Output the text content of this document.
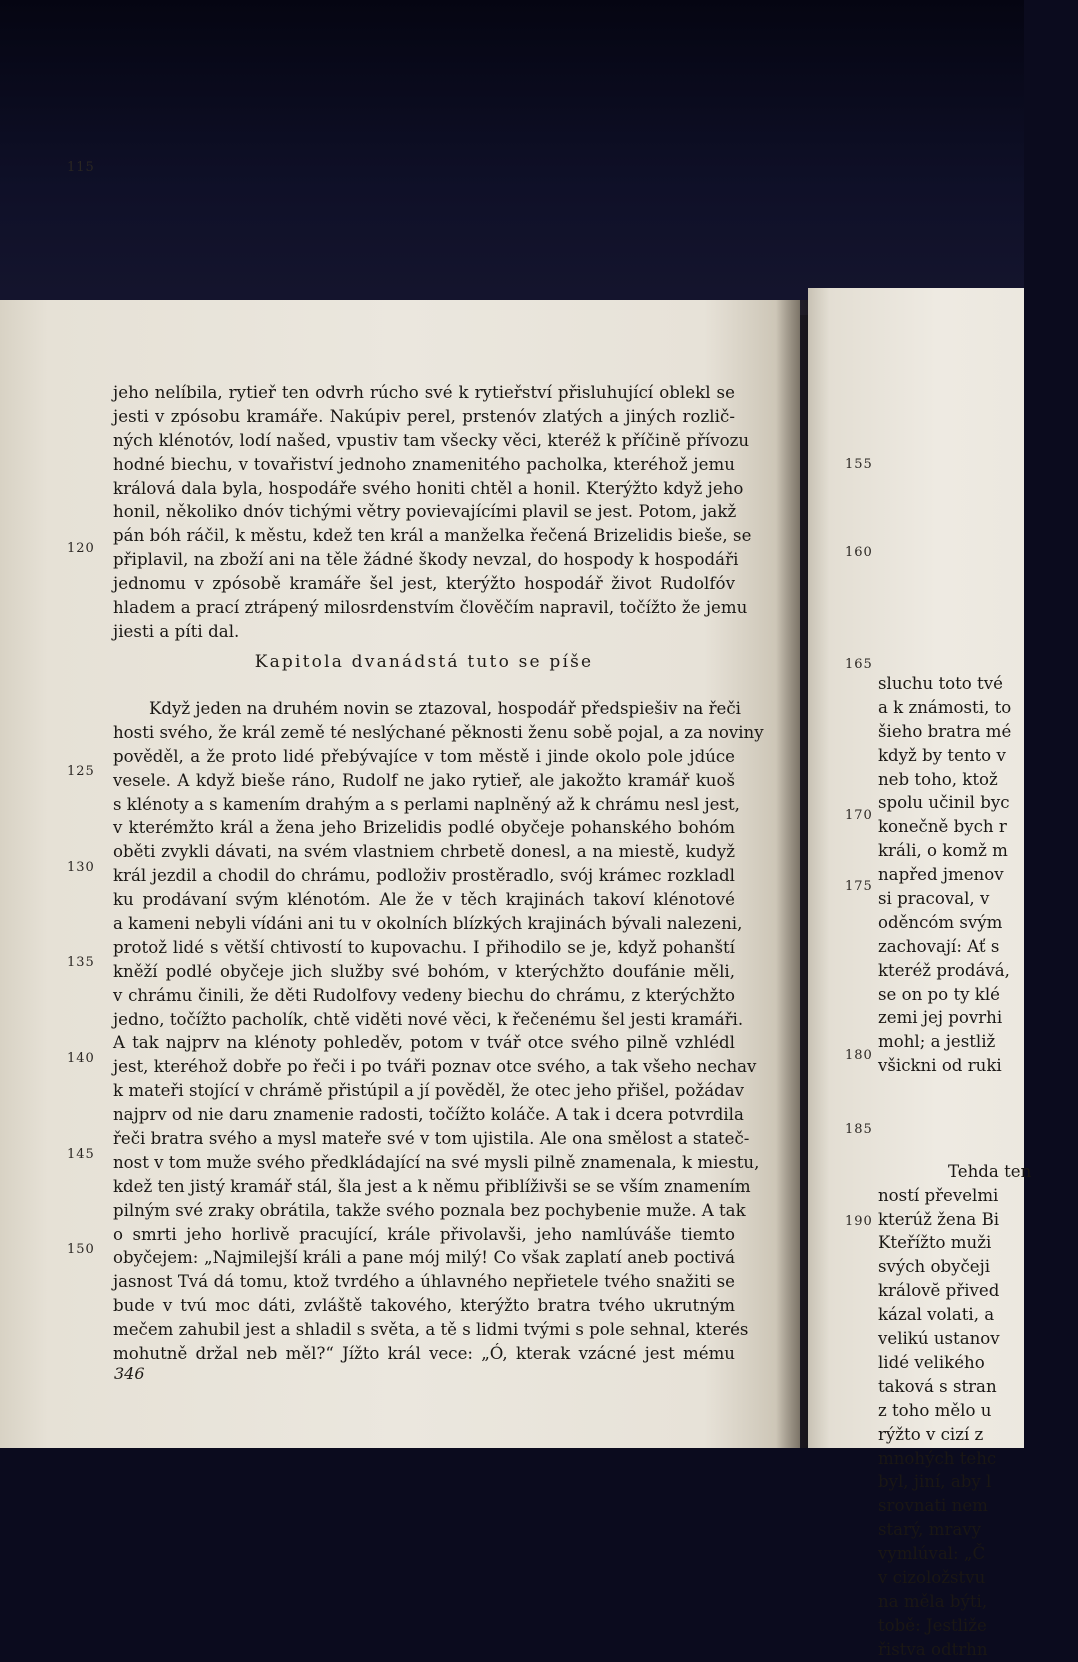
sluchu toto tvé
a k známosti, to
šieho bratra mé
když by tento v
neb toho, ktož
spolu učinil byc
konečně bych r
králi, o komž m
napřed jmenov
si pracoval, v
oděncóm svým
zachovají: Ať s
kteréž prodává,
se on po ty klé
zemi jej povrhi
mohl; a jestliž
všickni od ruki
Tehda ten
ností převelmi
kterúž žena Bi
Kteřížto muži
svých obyčeji
královĕ přived
kázal volati, a
velikú ustanov
lidé velikého
taková s stran
z toho mělo u
rýžto v cizí z
mnohých tehc
byl, jiní, aby l
srovnati nem
starý, mravy
vymlúval: „Č
v cizoložstvu
na měla býti,
tobě: Jestliže
řistva odtrhn
jeho nelíbila, rytieř ten odvrh rúcho své k rytieřství přisluhující oblekl se
jesti v zpósobu kramáře. Nakúpiv perel, prstenóv zlatých a jiných rozlič-
ných klénotóv, lodí našed, vpustiv tam všecky věci, kteréž k příčině přívozu
hodné biechu, v tovařiství jednoho znamenitého pacholka, kteréhož jemu
králová dala byla, hospodáře svého honiti chtěl a honil. Kterýžto když jeho
honil, několiko dnóv tichými větry povievajícími plavil se jest. Potom, jakž
pán bóh ráčil, k městu, kdež ten král a manželka řečená Brizelidis bieše, se
připlavil, na zboží ani na těle žádné škody nevzal, do hospody k hospodáři
jednomu v zpósobě kramáře šel jest, kterýžto hospodář život Rudolfóv
hladem a prací ztrápený milosrdenstvím člověčím napravil, točížto že jemu
jiesti a píti dal.
Kapitola dvanádstá tuto se píše
Když jeden na druhém novin se ztazoval, hospodář předspiešiv na řeči
hosti svého, že král země té neslýchané pěknosti ženu sobě pojal, a za noviny
pověděl, a že proto lidé přebývajíce v tom městě i jinde okolo pole jdúce
vesele. A když bieše ráno, Rudolf ne jako rytieř, ale jakožto kramář kuoš
s klénoty a s kamením drahým a s perlami naplněný až k chrámu nesl jest,
v kterémžto král a žena jeho Brizelidis podlé obyčeje pohanského bohóm
oběti zvykli dávati, na svém vlastniem chrbetě donesl, a na miestě, kudyž
král jezdil a chodil do chrámu, podloživ prostěradlo, svój krámec rozkladl
ku prodávaní svým klénotóm. Ale že v těch krajinách takoví klénotové
a kameni nebyli vídáni ani tu v okolních blízkých krajinách bývali nalezeni,
protož lidé s větší chtivostí to kupovachu. I přihodilo se je, když pohanští
kněží podlé obyčeje jich služby své bohóm, v kterýchžto doufánie měli,
v chrámu činili, že děti Rudolfovy vedeny biechu do chrámu, z kterýchžto
jedno, točížto pacholík, chtě viděti nové věci, k řečenému šel jesti kramáři.
A tak najprv na klénoty pohleděv, potom v tvář otce svého pilně vzhlédl
jest, kteréhož dobře po řeči i po tváři poznav otce svého, a tak všeho nechav
k mateři stojící v chrámě přistúpil a jí pověděl, že otec jeho přišel, požádav
najprv od nie daru znamenie radosti, točížto koláče. A tak i dcera potvrdila
řeči bratra svého a mysl mateře své v tom ujistila. Ale ona smělost a stateč-
nost v tom muže svého předkládající na své mysli pilně znamenala, k miestu,
kdež ten jistý kramář stál, šla jest a k němu přiblíživši se se vším znamením
pilným své zraky obrátila, takže svého poznala bez pochybenie muže. A tak
o smrti jeho horlivě pracující, krále přivolavši, jeho namlúváše tiemto
obyčejem: „Najmilejší králi a pane mój milý! Co však zaplatí aneb poctivá
jasnost Tvá dá tomu, ktož tvrdého a úhlavného nepřietele tvého snažiti se
bude v tvú moc dáti, zvláště takového, kterýžto bratra tvého ukrutným
mečem zahubil jest a shladil s světa, a tě s lidmi tvými s pole sehnal, kterés
mohutně držal neb měl?“ Jížto král vece: „Ó, kterak vzácné jest mému
115
120
125
130
135
140
145
150
155
160
165
170
175
180
185
190
346
